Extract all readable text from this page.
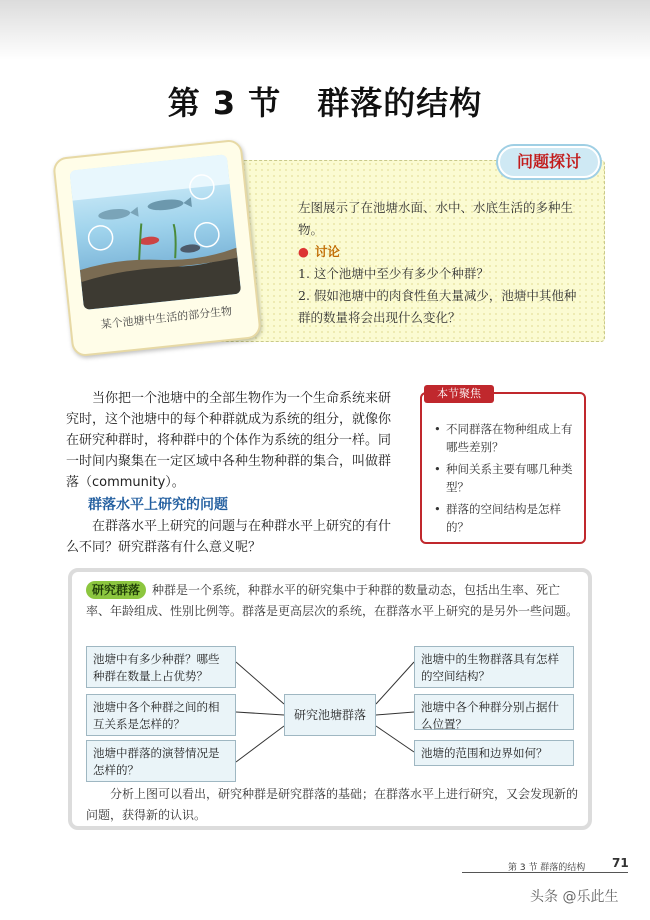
第 3 节 群落的结构
问题探讨

左图展示了在池塘水面、水中、水底生活的多种生物。

● 讨论

1. 这个池塘中至少有多少个种群？

2. 假如池塘中的肉食性鱼大量减少，池塘中其他种群的数量将会出现什么变化？

某个池塘中生活的部分生物

当你把一个池塘中的全部生物作为一个生命系统来研究时，这个池塘中的每个种群就成为系统的组分，就像你在研究种群时，将种群中的个体作为系统的组分一样。同一时间内聚集在一定区域中各种生物种群的集合，叫做群落（community）。

群落水平上研究的问题

在群落水平上研究的问题与在种群水平上研究的有什么不同？研究群落有什么意义呢？

本节聚焦
• 不同群落在物种组成上有哪些差别？
• 种间关系主要有哪几种类型？
• 群落的空间结构是怎样的？
研究群落 种群是一个系统，种群水平的研究集中于种群的数量动态，包括出生率、死亡率、年龄组成、性别比例等。群落是更高层次的系统，在群落水平上研究的是另外一些问题。
池塘中有多少种群？哪些种群在数量上占优势？
池塘中各个种群之间的相互关系是怎样的？
池塘中群落的演替情况是怎样的？
研究池塘群落
池塘中的生物群落具有怎样的空间结构？
池塘中各个种群分别占据什么位置？
池塘的范围和边界如何？

分析上图可以看出，研究种群是研究群落的基础；在群落水平上进行研究，又会发现新的问题，获得新的认识。

第 3 节 群落的结构 71
头条 @乐此生
